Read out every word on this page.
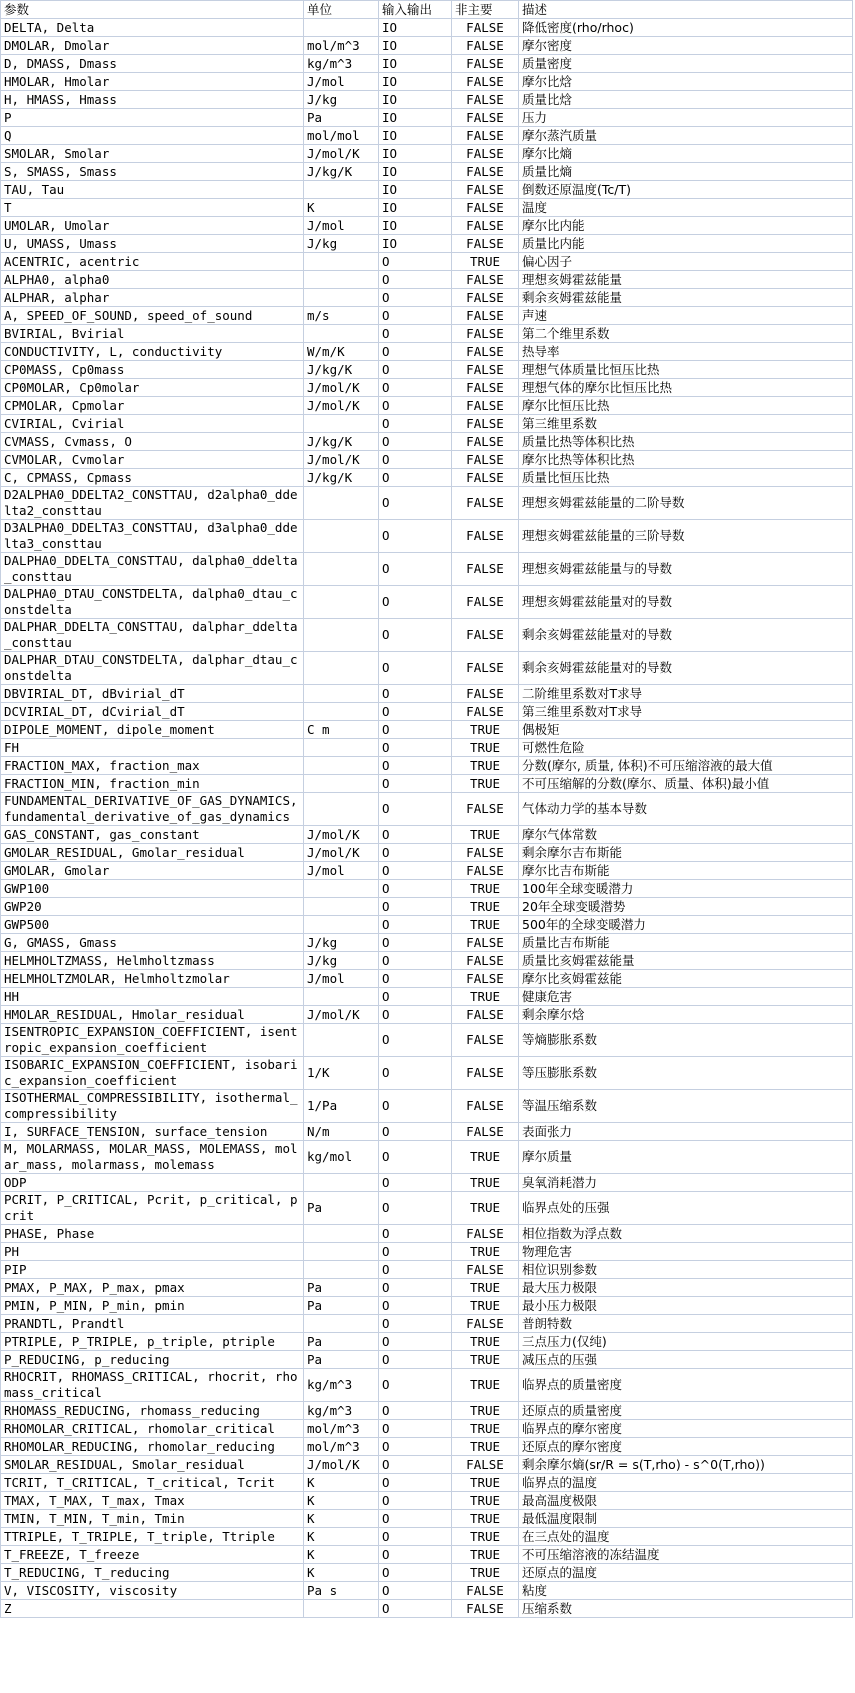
参数	单位	输入输出	非主要	描述
DELTA, Delta		IO	FALSE	降低密度(rho/rhoc)
DMOLAR, Dmolar	mol/m^3	IO	FALSE	摩尔密度
D, DMASS, Dmass	kg/m^3	IO	FALSE	质量密度
HMOLAR, Hmolar	J/mol	IO	FALSE	摩尔比焓
H, HMASS, Hmass	J/kg	IO	FALSE	质量比焓
P	Pa	IO	FALSE	压力
Q	mol/mol	IO	FALSE	摩尔蒸汽质量
SMOLAR, Smolar	J/mol/K	IO	FALSE	摩尔比熵
S, SMASS, Smass	J/kg/K	IO	FALSE	质量比熵
TAU, Tau		IO	FALSE	倒数还原温度(Tc/T)
T	K	IO	FALSE	温度
UMOLAR, Umolar	J/mol	IO	FALSE	摩尔比内能
U, UMASS, Umass	J/kg	IO	FALSE	质量比内能
ACENTRIC, acentric		O	TRUE	偏心因子
ALPHA0, alpha0		O	FALSE	理想亥姆霍兹能量
ALPHAR, alphar		O	FALSE	剩余亥姆霍兹能量
A, SPEED_OF_SOUND, speed_of_sound	m/s	O	FALSE	声速
BVIRIAL, Bvirial		O	FALSE	第二个维里系数
CONDUCTIVITY, L, conductivity	W/m/K	O	FALSE	热导率
CP0MASS, Cp0mass	J/kg/K	O	FALSE	理想气体质量比恒压比热
CP0MOLAR, Cp0molar	J/mol/K	O	FALSE	理想气体的摩尔比恒压比热
CPMOLAR, Cpmolar	J/mol/K	O	FALSE	摩尔比恒压比热
CVIRIAL, Cvirial		O	FALSE	第三维里系数
CVMASS, Cvmass, O	J/kg/K	O	FALSE	质量比热等体积比热
CVMOLAR, Cvmolar	J/mol/K	O	FALSE	摩尔比热等体积比热
C, CPMASS, Cpmass	J/kg/K	O	FALSE	质量比恒压比热
D2ALPHA0_DDELTA2_CONSTTAU, d2alpha0_ddelta2_consttau		O	FALSE	理想亥姆霍兹能量的二阶导数
D3ALPHA0_DDELTA3_CONSTTAU, d3alpha0_ddelta3_consttau		O	FALSE	理想亥姆霍兹能量的三阶导数
DALPHA0_DDELTA_CONSTTAU, dalpha0_ddelta_consttau		O	FALSE	理想亥姆霍兹能量与的导数
DALPHA0_DTAU_CONSTDELTA, dalpha0_dtau_constdelta		O	FALSE	理想亥姆霍兹能量对的导数
DALPHAR_DDELTA_CONSTTAU, dalphar_ddelta_consttau		O	FALSE	剩余亥姆霍兹能量对的导数
DALPHAR_DTAU_CONSTDELTA, dalphar_dtau_constdelta		O	FALSE	剩余亥姆霍兹能量对的导数
DBVIRIAL_DT, dBvirial_dT		O	FALSE	二阶维里系数对T求导
DCVIRIAL_DT, dCvirial_dT		O	FALSE	第三维里系数对T求导
DIPOLE_MOMENT, dipole_moment	C m	O	TRUE	偶极矩
FH		O	TRUE	可燃性危险
FRACTION_MAX, fraction_max		O	TRUE	分数(摩尔, 质量, 体积)不可压缩溶液的最大值
FRACTION_MIN, fraction_min		O	TRUE	不可压缩解的分数(摩尔、质量、体积)最小值
FUNDAMENTAL_DERIVATIVE_OF_GAS_DYNAMICS, fundamental_derivative_of_gas_dynamics		O	FALSE	气体动力学的基本导数
GAS_CONSTANT, gas_constant	J/mol/K	O	TRUE	摩尔气体常数
GMOLAR_RESIDUAL, Gmolar_residual	J/mol/K	O	FALSE	剩余摩尔吉布斯能
GMOLAR, Gmolar	J/mol	O	FALSE	摩尔比吉布斯能
GWP100		O	TRUE	100年全球变暖潜力
GWP20		O	TRUE	20年全球变暖潜势
GWP500		O	TRUE	500年的全球变暖潜力
G, GMASS, Gmass	J/kg	O	FALSE	质量比吉布斯能
HELMHOLTZMASS, Helmholtzmass	J/kg	O	FALSE	质量比亥姆霍兹能量
HELMHOLTZMOLAR, Helmholtzmolar	J/mol	O	FALSE	摩尔比亥姆霍兹能
HH		O	TRUE	健康危害
HMOLAR_RESIDUAL, Hmolar_residual	J/mol/K	O	FALSE	剩余摩尔焓
ISENTROPIC_EXPANSION_COEFFICIENT, isentropic_expansion_coefficient		O	FALSE	等熵膨胀系数
ISOBARIC_EXPANSION_COEFFICIENT, isobaric_expansion_coefficient	1/K	O	FALSE	等压膨胀系数
ISOTHERMAL_COMPRESSIBILITY, isothermal_compressibility	1/Pa	O	FALSE	等温压缩系数
I, SURFACE_TENSION, surface_tension	N/m	O	FALSE	表面张力
M, MOLARMASS, MOLAR_MASS, MOLEMASS, molar_mass, molarmass, molemass	kg/mol	O	TRUE	摩尔质量
ODP		O	TRUE	臭氧消耗潜力
PCRIT, P_CRITICAL, Pcrit, p_critical, pcrit	Pa	O	TRUE	临界点处的压强
PHASE, Phase		O	FALSE	相位指数为浮点数
PH		O	TRUE	物理危害
PIP		O	FALSE	相位识别参数
PMAX, P_MAX, P_max, pmax	Pa	O	TRUE	最大压力极限
PMIN, P_MIN, P_min, pmin	Pa	O	TRUE	最小压力极限
PRANDTL, Prandtl		O	FALSE	普朗特数
PTRIPLE, P_TRIPLE, p_triple, ptriple	Pa	O	TRUE	三点压力(仅纯)
P_REDUCING, p_reducing	Pa	O	TRUE	减压点的压强
RHOCRIT, RHOMASS_CRITICAL, rhocrit, rhomass_critical	kg/m^3	O	TRUE	临界点的质量密度
RHOMASS_REDUCING, rhomass_reducing	kg/m^3	O	TRUE	还原点的质量密度
RHOMOLAR_CRITICAL, rhomolar_critical	mol/m^3	O	TRUE	临界点的摩尔密度
RHOMOLAR_REDUCING, rhomolar_reducing	mol/m^3	O	TRUE	还原点的摩尔密度
SMOLAR_RESIDUAL, Smolar_residual	J/mol/K	O	FALSE	剩余摩尔熵(sr/R = s(T,rho) - s^0(T,rho))
TCRIT, T_CRITICAL, T_critical, Tcrit	K	O	TRUE	临界点的温度
TMAX, T_MAX, T_max, Tmax	K	O	TRUE	最高温度极限
TMIN, T_MIN, T_min, Tmin	K	O	TRUE	最低温度限制
TTRIPLE, T_TRIPLE, T_triple, Ttriple	K	O	TRUE	在三点处的温度
T_FREEZE, T_freeze	K	O	TRUE	不可压缩溶液的冻结温度
T_REDUCING, T_reducing	K	O	TRUE	还原点的温度
V, VISCOSITY, viscosity	Pa s	O	FALSE	粘度
Z		O	FALSE	压缩系数
